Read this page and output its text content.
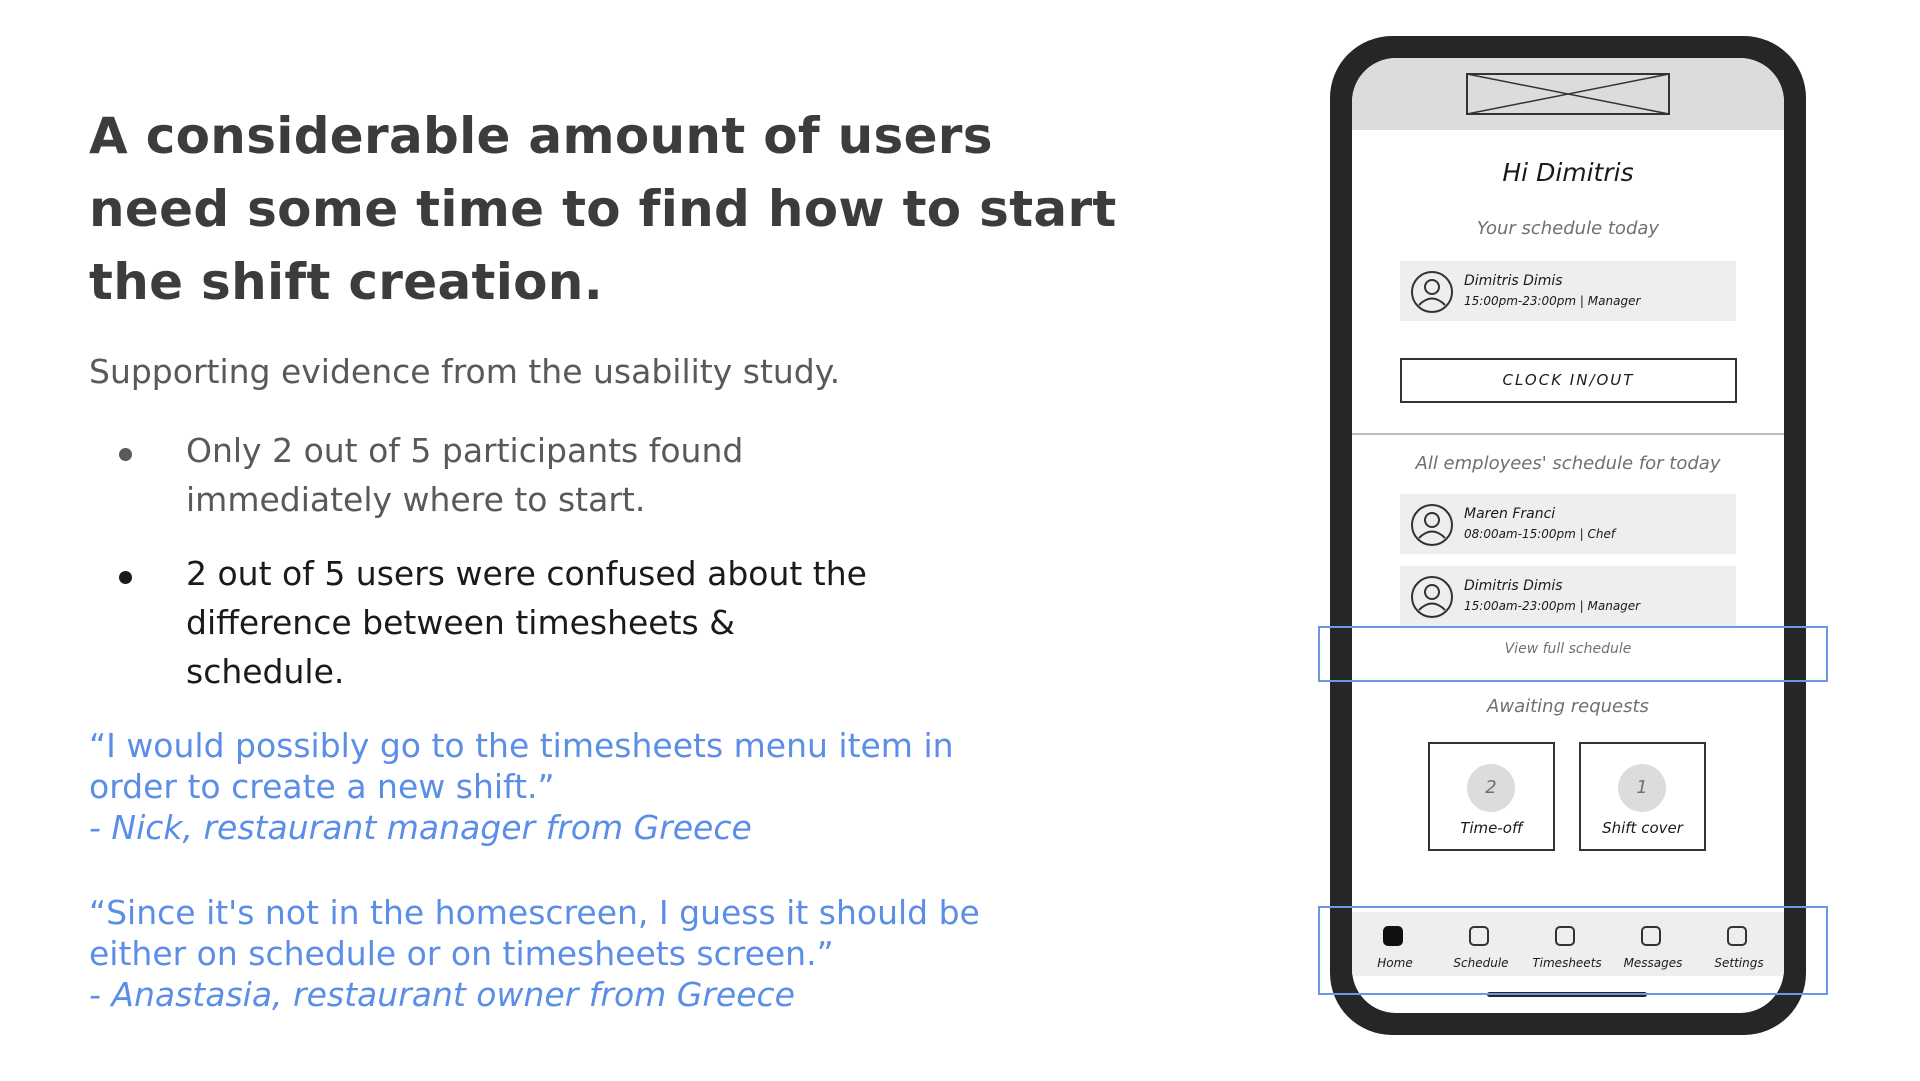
A considerable amount of users need some time to find how to start the shift creation.

Supporting evidence from the usability study.

Only 2 out of 5 participants found immediately where to start.
2 out of 5 users were confused about the difference between timesheets & schedule.
“I would possibly go to the timesheets menu item in order to create a new shift.”
- Nick, restaurant manager from Greece
“Since it's not in the homescreen, I guess it should be either on schedule or on timesheets screen.”
- Anastasia, restaurant owner from Greece
Hi Dimitris
Your schedule today
Dimitris Dimis
15:00pm-23:00pm | Manager
CLOCK IN/OUT
All employees' schedule for today
Maren Franci
08:00am-15:00pm | Chef
Dimitris Dimis
15:00am-23:00pm | Manager
View full schedule
Awaiting requests
2
Time-off
1
Shift cover
Home	Schedule	Timesheets	Messages	Settings
